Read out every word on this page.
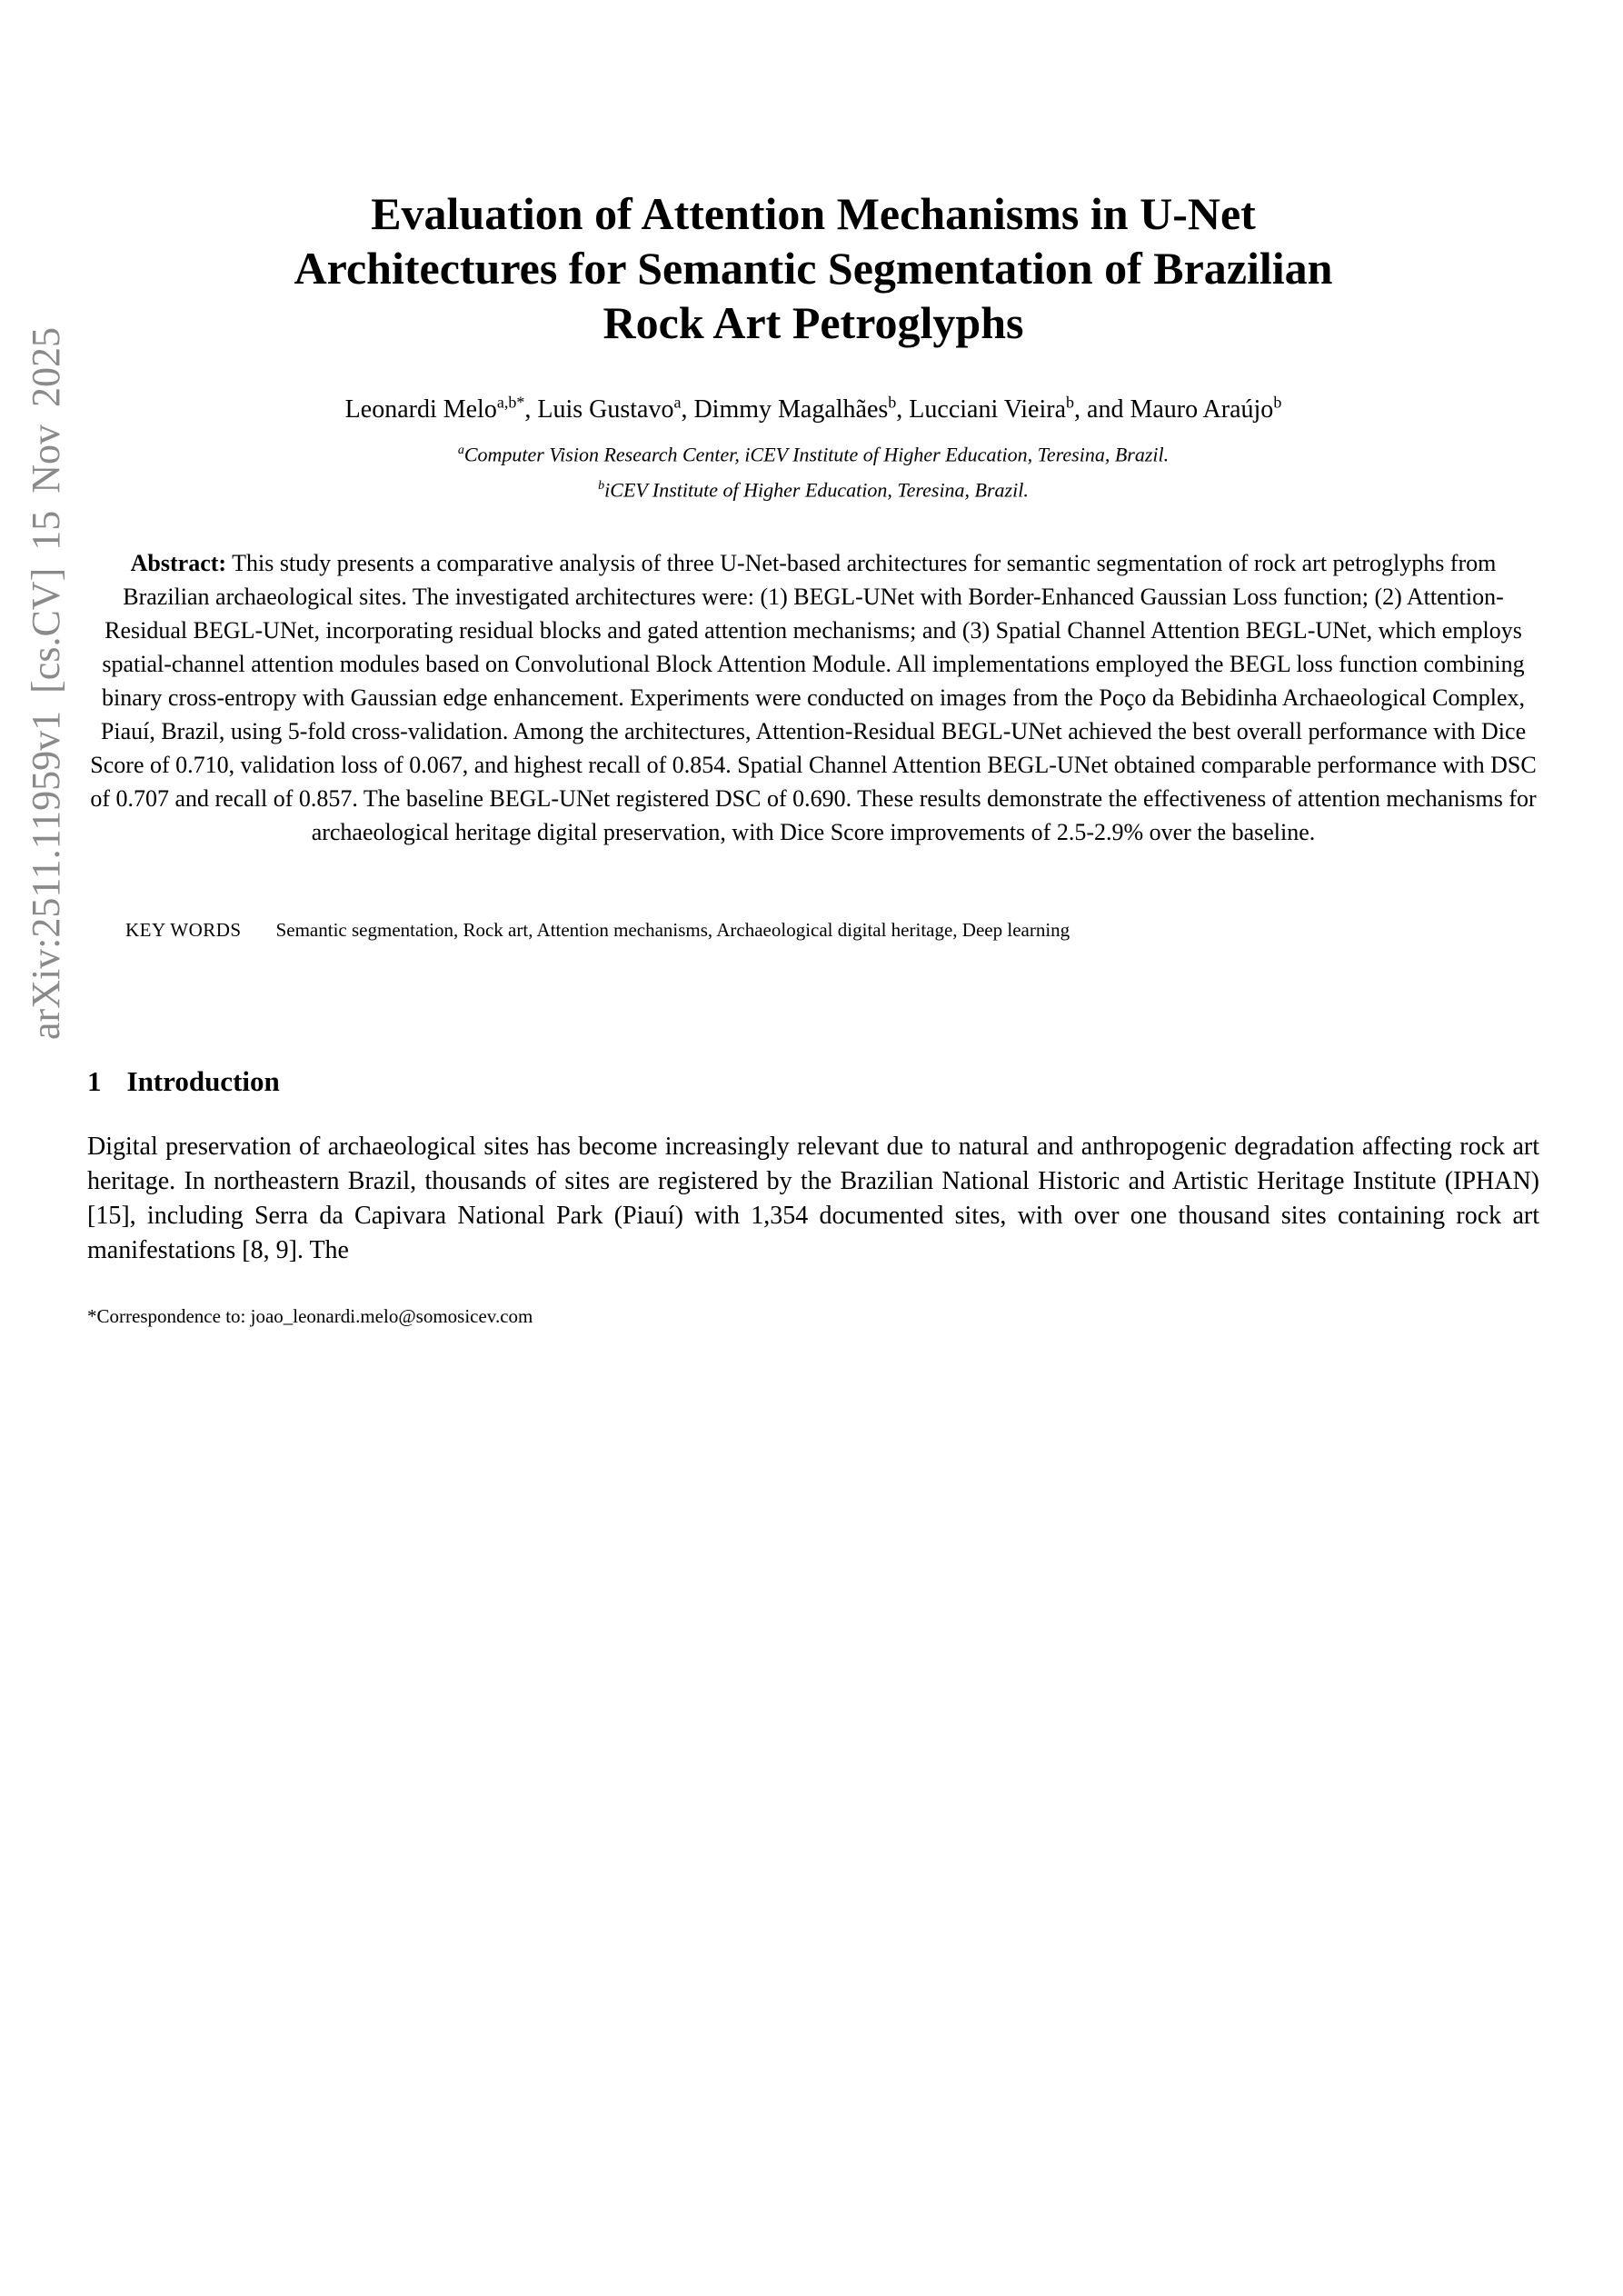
arXiv:2511.11959v1 [cs.CV] 15 Nov 2025
Evaluation of Attention Mechanisms in U-Net
Architectures for Semantic Segmentation of Brazilian
Rock Art Petroglyphs
Leonardi Melo$^{a,b*}$, Luis Gustavo$^a$, Dimmy Magalhães$^b$, Lucciani Vieira$^b$, and Mauro Araújo$^b$
$^a$Computer Vision Research Center, iCEV Institute of Higher Education, Teresina, Brazil.
$^b$iCEV Institute of Higher Education, Teresina, Brazil.

Abstract: This study presents a comparative analysis of three U-Net-based architectures for semantic segmentation of rock art petroglyphs from Brazilian archaeological sites. The investigated architectures were: (1) BEGL-UNet with Border-Enhanced Gaussian Loss function; (2) Attention-Residual BEGL-UNet, incorporating residual blocks and gated attention mechanisms; and (3) Spatial Channel Attention BEGL-UNet, which employs spatial-channel attention modules based on Convolutional Block Attention Module. All implementations employed the BEGL loss function combining binary cross-entropy with Gaussian edge enhancement. Experiments were conducted on images from the Poço da Bebidinha Archaeological Complex, Piauí, Brazil, using 5-fold cross-validation. Among the architectures, Attention-Residual BEGL-UNet achieved the best overall performance with Dice Score of 0.710, validation loss of 0.067, and highest recall of 0.854. Spatial Channel Attention BEGL-UNet obtained comparable performance with DSC of 0.707 and recall of 0.857. The baseline BEGL-UNet registered DSC of 0.690. These results demonstrate the effectiveness of attention mechanisms for archaeological heritage digital preservation, with Dice Score improvements of 2.5-2.9% over the baseline.

KEY WORDS Semantic segmentation, Rock art, Attention mechanisms, Archaeological digital heritage, Deep learning
1 Introduction

Digital preservation of archaeological sites has become increasingly relevant due to natural and anthropogenic degradation affecting rock art heritage. In northeastern Brazil, thousands of sites are registered by the Brazilian National Historic and Artistic Heritage Institute (IPHAN) [15], including Serra da Capivara National Park (Piauí) with 1,354 documented sites, with over one thousand sites containing rock art manifestations [8, 9]. The

*Correspondence to: joao_leonardi.melo@somosicev.com
